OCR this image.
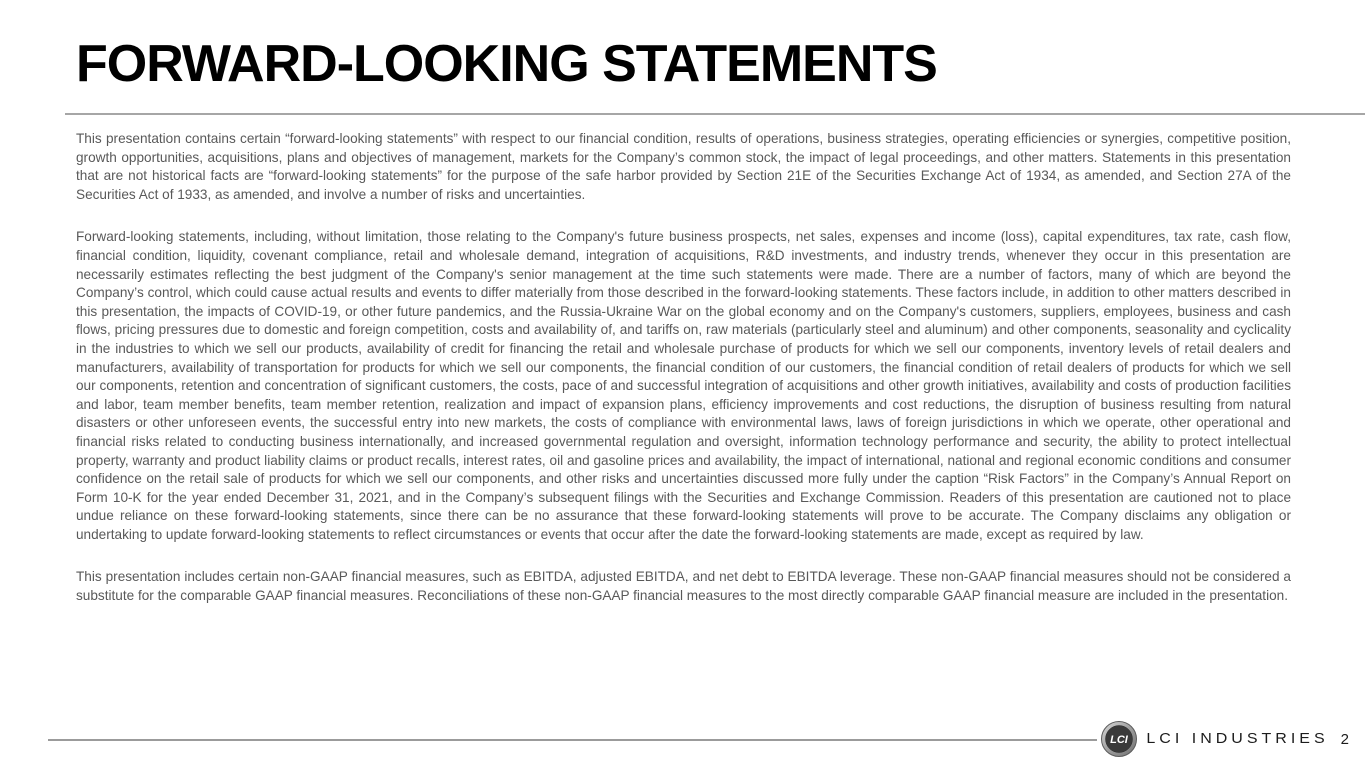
FORWARD-LOOKING STATEMENTS

This presentation contains certain “forward-looking statements” with respect to our financial condition, results of operations, business strategies, operating efficiencies or synergies, competitive position, growth opportunities, acquisitions, plans and objectives of management, markets for the Company’s common stock, the impact of legal proceedings, and other matters. Statements in this presentation that are not historical facts are “forward-looking statements” for the purpose of the safe harbor provided by Section 21E of the Securities Exchange Act of 1934, as amended, and Section 27A of the Securities Act of 1933, as amended, and involve a number of risks and uncertainties.

Forward-looking statements, including, without limitation, those relating to the Company's future business prospects, net sales, expenses and income (loss), capital expenditures, tax rate, cash flow, financial condition, liquidity, covenant compliance, retail and wholesale demand, integration of acquisitions, R&D investments, and industry trends, whenever they occur in this presentation are necessarily estimates reflecting the best judgment of the Company's senior management at the time such statements were made. There are a number of factors, many of which are beyond the Company’s control, which could cause actual results and events to differ materially from those described in the forward-looking statements. These factors include, in addition to other matters described in this presentation, the impacts of COVID-19, or other future pandemics, and the Russia-Ukraine War on the global economy and on the Company's customers, suppliers, employees, business and cash flows, pricing pressures due to domestic and foreign competition, costs and availability of, and tariffs on, raw materials (particularly steel and aluminum) and other components, seasonality and cyclicality in the industries to which we sell our products, availability of credit for financing the retail and wholesale purchase of products for which we sell our components, inventory levels of retail dealers and manufacturers, availability of transportation for products for which we sell our components, the financial condition of our customers, the financial condition of retail dealers of products for which we sell our components, retention and concentration of significant customers, the costs, pace of and successful integration of acquisitions and other growth initiatives, availability and costs of production facilities and labor, team member benefits, team member retention, realization and impact of expansion plans, efficiency improvements and cost reductions, the disruption of business resulting from natural disasters or other unforeseen events, the successful entry into new markets, the costs of compliance with environmental laws, laws of foreign jurisdictions in which we operate, other operational and financial risks related to conducting business internationally, and increased governmental regulation and oversight, information technology performance and security, the ability to protect intellectual property, warranty and product liability claims or product recalls, interest rates, oil and gasoline prices and availability, the impact of international, national and regional economic conditions and consumer confidence on the retail sale of products for which we sell our components, and other risks and uncertainties discussed more fully under the caption “Risk Factors” in the Company’s Annual Report on Form 10-K for the year ended December 31, 2021, and in the Company’s subsequent filings with the Securities and Exchange Commission. Readers of this presentation are cautioned not to place undue reliance on these forward-looking statements, since there can be no assurance that these forward-looking statements will prove to be accurate. The Company disclaims any obligation or undertaking to update forward-looking statements to reflect circumstances or events that occur after the date the forward-looking statements are made, except as required by law.

This presentation includes certain non-GAAP financial measures, such as EBITDA, adjusted EBITDA, and net debt to EBITDA leverage. These non-GAAP financial measures should not be considered a substitute for the comparable GAAP financial measures. Reconciliations of these non-GAAP financial measures to the most directly comparable GAAP financial measure are included in the presentation.

LCI LCI INDUSTRIES 2
